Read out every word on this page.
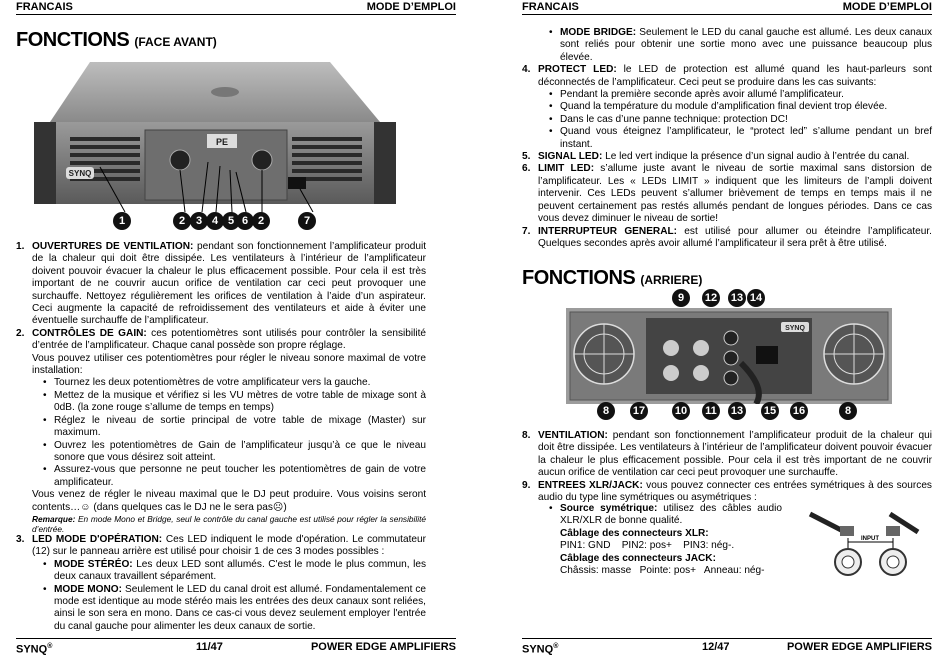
FRANCAIS	MODE D’EMPLOI
FONCTIONS (FACE AVANT)
SYNQ
PE
1	2 3 4 5 6 2	7

1. OUVERTURES DE VENTILATION: pendant son fonctionnement l’amplificateur produit de la chaleur qui doit être dissipée. Les ventilateurs à l’intérieur de l’amplificateur doivent pouvoir évacuer la chaleur le plus efficacement possible. Pour cela il est très important de ne couvrir aucun orifice de ventilation car ceci peut provoquer une surchauffe. Nettoyez régulièrement les orifices de ventilation à l’aide d’un aspirateur. Ceci augmente la capacité de refroidissement des ventilateurs et aide à éviter une éventuelle surchauffe de l’amplificateur.

2. CONTRÔLES DE GAIN: ces potentiomètres sont utilisés pour contrôler la sensibilité d’entrée de l’amplificateur. Chaque canal possède son propre réglage.

Vous pouvez utiliser ces potentiomètres pour régler le niveau sonore maximal de votre installation:

• Tournez les deux potentiomètres de votre amplificateur vers la gauche.

• Mettez de la musique et vérifiez si les VU mètres de votre table de mixage sont à 0dB. (la zone rouge s’allume de temps en temps)

• Réglez le niveau de sortie principal de votre table de mixage (Master) sur maximum.

• Ouvrez les potentiomètres de Gain de l’amplificateur jusqu’à ce que le niveau sonore que vous désirez soit atteint.

• Assurez-vous que personne ne peut toucher les potentiomètres de gain de votre amplificateur.

Vous venez de régler le niveau maximal que le DJ peut produire. Vous voisins seront contents…☺ (dans quelques cas le DJ ne le sera pas☹)

Remarque: En mode Mono et Bridge, seul le contrôle du canal gauche est utilisé pour régler la sensibilité d’entrée.

3. LED MODE D'OPÉRATION: Ces LED indiquent le mode d'opération. Le commutateur (12) sur le panneau arrière est utilisé pour choisir 1 de ces 3 modes possibles :

• MODE STÉRÉO: Les deux LED sont allumés. C'est le mode le plus commun, les deux canaux travaillent séparément.

• MODE MONO: Seulement le LED du canal droit est allumé. Fondamentalement ce mode est identique au mode stéréo mais les entrées des deux canaux sont reliées, ainsi le son sera en mono. Dans ce cas-ci vous devez seulement employer l'entrée du canal gauche pour alimenter les deux canaux de sortie.

SYNQ®	11/47	POWER EDGE AMPLIFIERS
FRANCAIS	MODE D’EMPLOI

• MODE BRIDGE: Seulement le LED du canal gauche est allumé. Les deux canaux sont reliés pour obtenir une sortie mono avec une puissance beaucoup plus élevée.

4. PROTECT LED: le LED de protection est allumé quand les haut-parleurs sont déconnectés de l’amplificateur. Ceci peut se produire dans les cas suivants:

• Pendant la première seconde après avoir allumé l’amplificateur.

• Quand la température du module d’amplification final devient trop élevée.

• Dans le cas d’une panne technique: protection DC!

• Quand vous éteignez l’amplificateur, le “protect led” s’allume pendant un bref instant.

5. SIGNAL LED: Le led vert indique la présence d’un signal audio à l’entrée du canal.

6. LIMIT LED: s’allume juste avant le niveau de sortie maximal sans distorsion de l’amplificateur. Les « LEDs LIMIT » indiquent que les limiteurs de l’ampli doivent intervenir. Ces LEDs peuvent s’allumer brièvement de temps en temps mais il ne peuvent certainement pas restés allumés pendant de longues périodes. Dans ce cas vous devez diminuer le niveau de sortie!

7. INTERRUPTEUR GENERAL: est utilisé pour allumer ou éteindre l’amplificateur. Quelques secondes après avoir allumé l’amplificateur il sera prêt à être utilisé.

FONCTIONS (ARRIERE)
9	12 13 14
SYNQ
8	17	10 11 13 15 16	8

8. VENTILATION: pendant son fonctionnement l’amplificateur produit de la chaleur qui doit être dissipée. Les ventilateurs à l’intérieur de l’amplificateur doivent pouvoir évacuer la chaleur le plus efficacement possible. Pour cela il est très important de ne couvrir aucun orifice de ventilation car ceci peut provoquer une surchauffe.

9. ENTREES XLR/JACK: vous pouvez connecter ces entrées symétriques à des sources audio du type line symétriques ou asymétriques :

• Source symétrique: utilisez des câbles audio XLR/XLR de bonne qualité.

Câblage des connecteurs XLR:

PIN1: GND    PIN2: pos+    PIN3: nég-.

Câblage des connecteurs JACK:

Châssis: masse   Pointe: pos+   Anneau: nég-

INPUT
SYNQ®	12/47	POWER EDGE AMPLIFIERS
